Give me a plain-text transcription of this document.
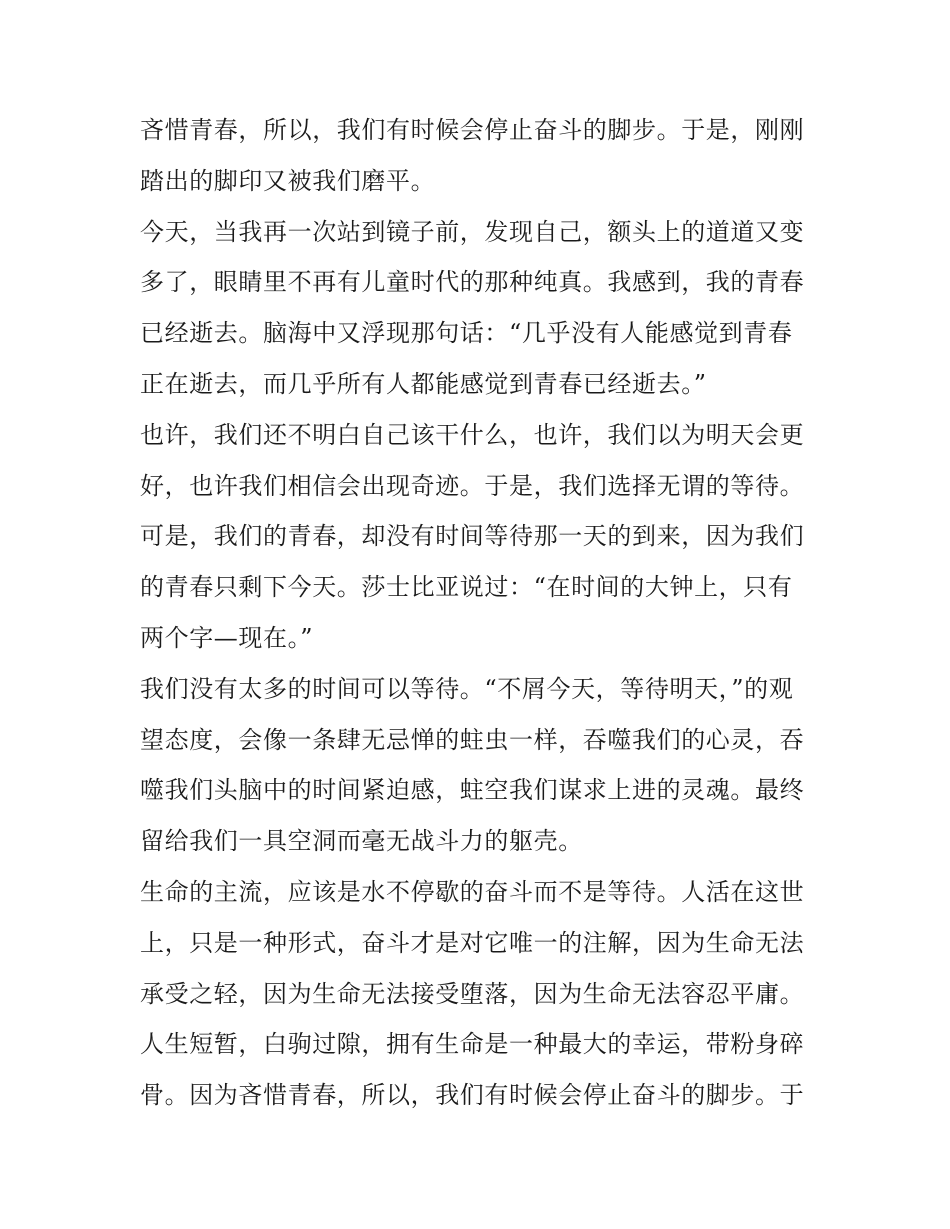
吝惜青春，所以，我们有时候会停止奋斗的脚步。于是，刚刚
踏出的脚印又被我们磨平。
今天，当我再一次站到镜子前，发现自己，额头上的道道又变
多了，眼睛里不再有儿童时代的那种纯真。我感到，我的青春
已经逝去。脑海中又浮现那句话：“几乎没有人能感觉到青春
正在逝去，而几乎所有人都能感觉到青春已经逝去。”
也许，我们还不明白自己该干什么，也许，我们以为明天会更
好，也许我们相信会出现奇迹。于是，我们选择无谓的等待。
可是，我们的青春，却没有时间等待那一天的到来，因为我们
的青春只剩下今天。莎士比亚说过：“在时间的大钟上，只有
两个字—现在。”
我们没有太多的时间可以等待。“不屑今天，等待明天，”的观
望态度，会像一条肆无忌惮的蛀虫一样，吞噬我们的心灵，吞
噬我们头脑中的时间紧迫感，蛀空我们谋求上进的灵魂。最终
留给我们一具空洞而毫无战斗力的躯壳。
生命的主流，应该是水不停歇的奋斗而不是等待。人活在这世
上，只是一种形式，奋斗才是对它唯一的注解，因为生命无法
承受之轻，因为生命无法接受堕落，因为生命无法容忍平庸。
人生短暂，白驹过隙，拥有生命是一种最大的幸运，带粉身碎
骨。因为吝惜青春，所以，我们有时候会停止奋斗的脚步。于
